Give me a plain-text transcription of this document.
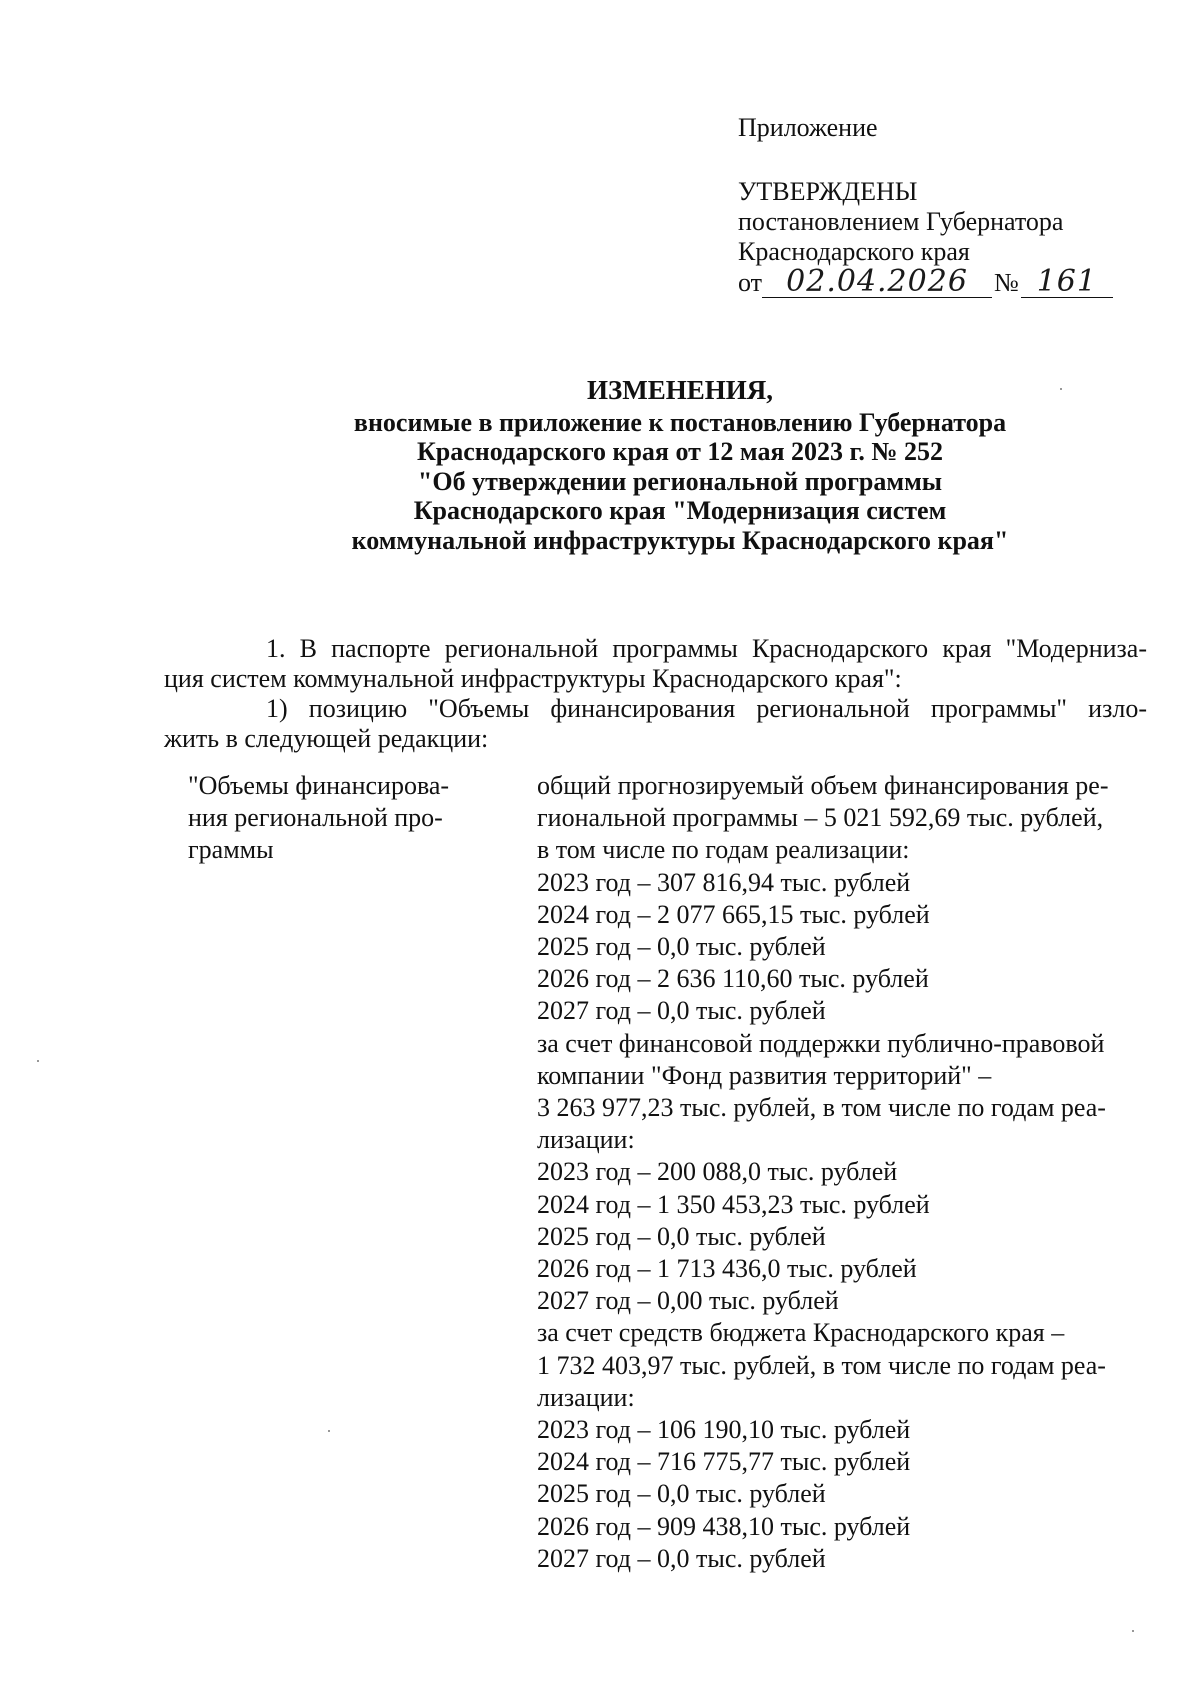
Приложение
УТВЕРЖДЕНЫ
постановлением Губернатора
Краснодарского края
от 02.04.2026 № 161
ИЗМЕНЕНИЯ,
вносимые в приложение к постановлению Губернатора
Краснодарского края от 12 мая 2023 г. № 252
"Об утверждении региональной программы
Краснодарского края "Модернизация систем
коммунальной инфраструктуры Краснодарского края"

1. В паспорте региональной программы Краснодарского края "Модерниза-
ция систем коммунальной инфраструктуры Краснодарского края":

1) позицию "Объемы финансирования региональной программы" изло-
жить в следующей редакции:

"Объемы финансирова-
ния региональной про-
граммы
общий прогнозируемый объем финансирования ре-
гиональной программы – 5 021 592,69 тыс. рублей,
в том числе по годам реализации:
2023 год – 307 816,94 тыс. рублей
2024 год – 2 077 665,15 тыс. рублей
2025 год – 0,0 тыс. рублей
2026 год – 2 636 110,60 тыс. рублей
2027 год – 0,0 тыс. рублей
за счет финансовой поддержки публично-правовой
компании "Фонд развития территорий" –
3 263 977,23 тыс. рублей, в том числе по годам реа-
лизации:
2023 год – 200 088,0 тыс. рублей
2024 год – 1 350 453,23 тыс. рублей
2025 год – 0,0 тыс. рублей
2026 год – 1 713 436,0 тыс. рублей
2027 год – 0,00 тыс. рублей
за счет средств бюджета Краснодарского края –
1 732 403,97 тыс. рублей, в том числе по годам реа-
лизации:
2023 год – 106 190,10 тыс. рублей
2024 год – 716 775,77 тыс. рублей
2025 год – 0,0 тыс. рублей
2026 год – 909 438,10 тыс. рублей
2027 год – 0,0 тыс. рублей
